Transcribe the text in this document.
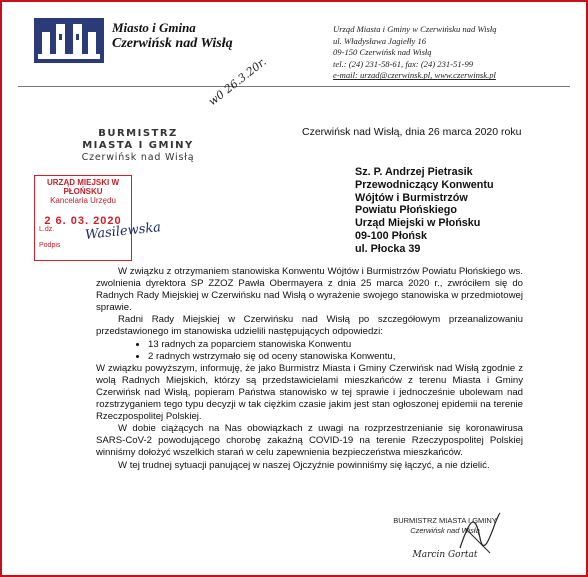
Miasto i Gmina
Czerwińsk nad Wisłą
Urząd Miasta i Gminy w Czerwińsku nad Wisłą
ul. Władysława Jagiełły 16
09-150 Czerwińsk nad Wisłą
tel.: (24) 231-58-61, fax: (24) 231-51-99
e-mail: urzad@czerwinsk.pl, www.czerwinsk.pl
w0 26.3.20r.
BURMISTRZ
MIASTA I GMINY
Czerwińsk nad Wisłą
Czerwińsk nad Wisłą, dnia 26 marca 2020 roku
URZĄD MIEJSKI W PŁOŃSKU
Kancelaria Urzędu
2 6. 03. 2020
L.dz.
Podpis
Wasilewska
Sz. P. Andrzej Pietrasik
Przewodniczący Konwentu
Wójtów i Burmistrzów
Powiatu Płońskiego
Urząd Miejski w Płońsku
09-100 Płońsk
ul. Płocka 39

W związku z otrzymaniem stanowiska Konwentu Wójtów i Burmistrzów Powiatu Płońskiego ws. zwolnienia dyrektora SP ZZOZ Pawła Obermayera z dnia 25 marca 2020 r., zwróciłem się do Radnych Rady Miejskiej w Czerwińsku nad Wisłą o wyrażenie swojego stanowiska w przedmiotowej sprawie.

Radni Rady Miejskiej w Czerwińsku nad Wisłą po szczegółowym przeanalizowaniu przedstawionego im stanowiska udzielili następujących odpowiedzi:

• 13 radnych za poparciem stanowiska Konwentu
• 2 radnych wstrzymało się od oceny stanowiska Konwentu,

W związku powyższym, informuję, że jako Burmistrz Miasta i Gminy Czerwińsk nad Wisłą zgodnie z wolą Radnych Miejskich, którzy są przedstawicielami mieszkańców z terenu Miasta i Gminy Czerwińsk nad Wisłą, popieram Państwa stanowisko w tej sprawie i jednocześnie ubolewam nad rozstrzyganiem tego typu decyzji w tak ciężkim czasie jakim jest stan ogłoszonej epidemii na terenie Rzeczpospolitej Polskiej.

W dobie ciążących na Nas obowiązkach z uwagi na rozprzestrzenianie się koronawirusa SARS-CoV-2 powodującego chorobę zakaźną COVID-19 na terenie Rzeczypospolitej Polskiej winniśmy dołożyć wszelkich starań w celu zapewnienia bezpieczeństwa mieszkańców.

W tej trudnej sytuacji panującej w naszej Ojczyźnie powinniśmy się łączyć, a nie dzielić.

BURMISTRZ MIASTA I GMINY
Czerwińsk nad Wisłą
Marcin Gortat
